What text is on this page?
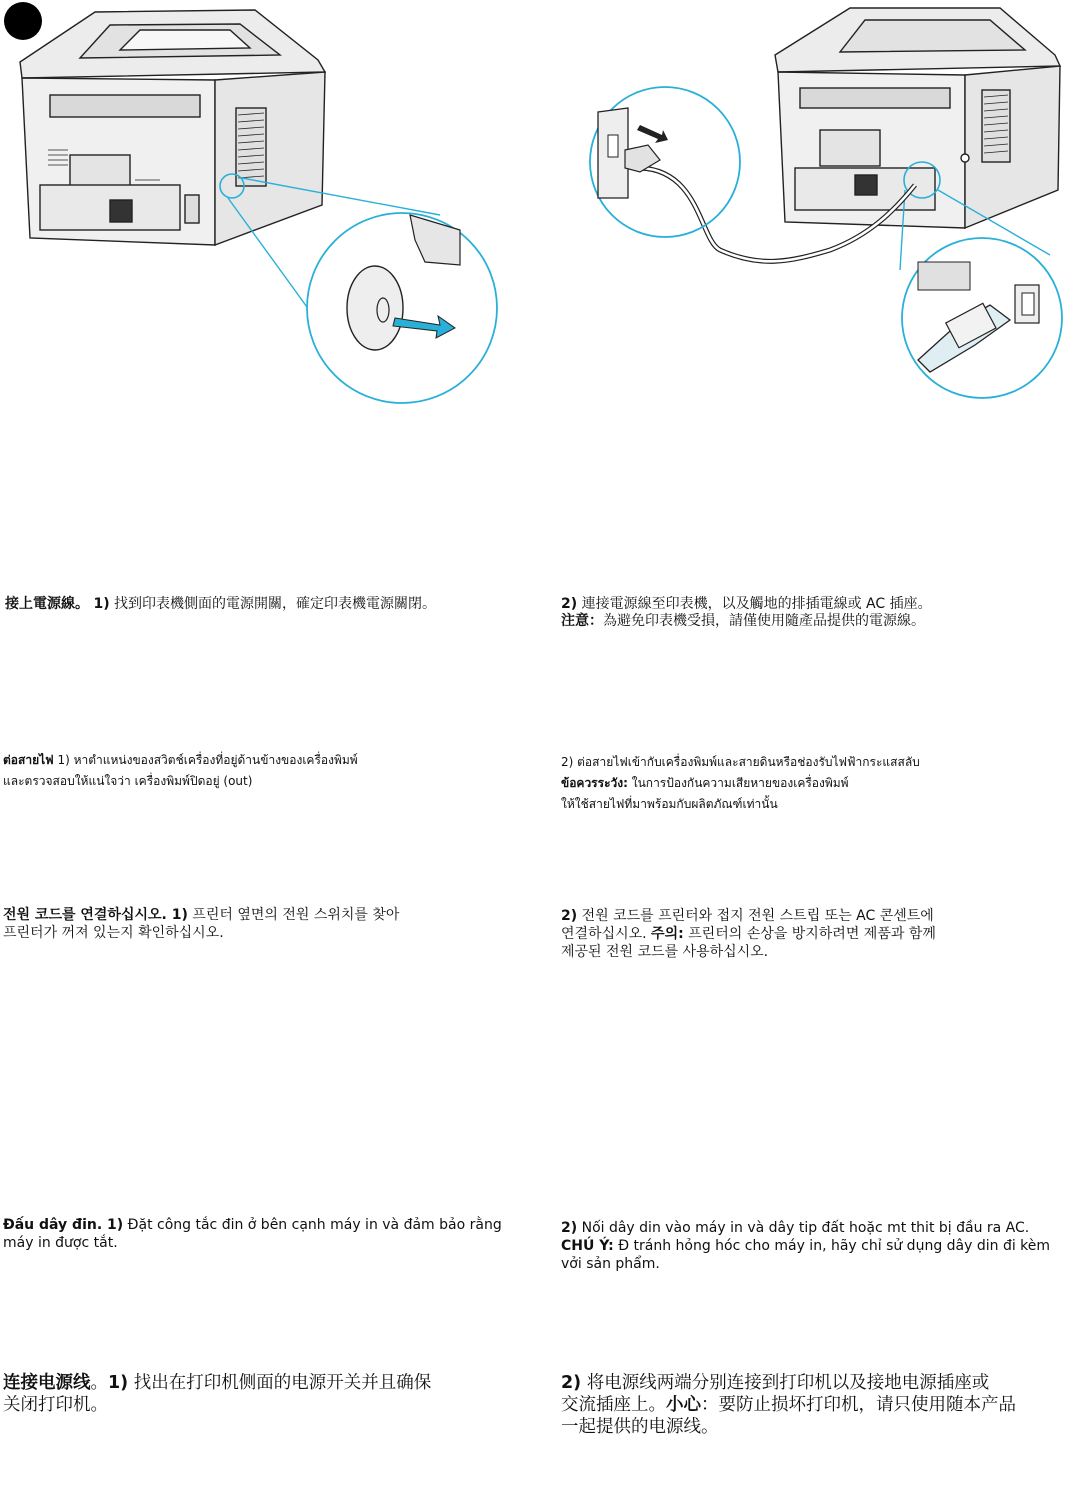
接上電源線。 1) 找到印表機側面的電源開關，確定印表機電源關閉。	2) 連接電源線至印表機，以及觸地的排插電線或 AC 插座。

注意：為避免印表機受損，請僅使用隨產品提供的電源線。

ต่อสายไฟ 1) หาตำแหน่งของสวิตช์เครื่องที่อยู่ด้านข้างของเครื่องพิมพ์

และตรวจสอบให้แน่ใจว่า เครื่องพิมพ์ปิดอยู่ (out)

2) ต่อสายไฟเข้ากับเครื่องพิมพ์และสายดินหรือช่องรับไฟฟ้ากระแสสลับ

ข้อควรระวัง: ในการป้องกันความเสียหายของเครื่องพิมพ์

ให้ใช้สายไฟที่มาพร้อมกับผลิตภัณฑ์เท่านั้น

전원 코드를 연결하십시오. 1) 프린터 옆면의 전원 스위치를 찾아

프린터가 꺼져 있는지 확인하십시오.

2) 전원 코드를 프린터와 접지 전원 스트립 또는 AC 콘센트에

연결하십시오. 주의: 프린터의 손상을 방지하려면 제품과 함께

제공된 전원 코드를 사용하십시오.

Đấu dây đin. 1) Đặt công tắc đin ở bên cạnh máy in và đảm bảo rằng

máy in được tắt.

2) Nối dây din vào máy in và dây tip đất hoặc mt thit bị đầu ra AC.

CHÚ Ý: Đ tránh hỏng hóc cho máy in, hãy chỉ sử dụng dây din đi kèm

vởi sản phẩm.

连接电源线。1) 找出在打印机侧面的电源开关并且确保

关闭打印机。

2) 将电源线两端分别连接到打印机以及接地电源插座或

交流插座上。小心：要防止损坏打印机，请只使用随本产品

一起提供的电源线。
